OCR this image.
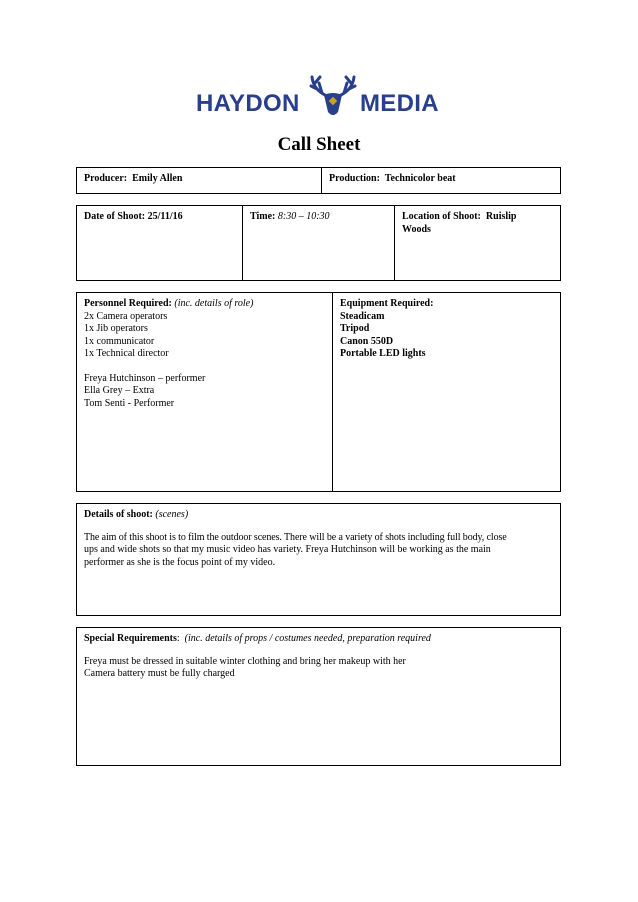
HAYDON	MEDIA
Call Sheet
Producer: Emily Allen	Production: Technicolor beat
Date of Shoot: 25/11/16	Time: 8:30 – 10:30	Location of Shoot: Ruislip
Woods
Personnel Required: (inc. details of role)
2x Camera operators
1x Jib operators
1x communicator
1x Technical director
Freya Hutchinson – performer
Ella Grey – Extra
Tom Senti - Performer
Equipment Required:
Steadicam
Tripod
Canon 550D
Portable LED lights
Details of shoot: (scenes)
The aim of this shoot is to film the outdoor scenes. There will be a variety of shots including full body, close
ups and wide shots so that my music video has variety. Freya Hutchinson will be working as the main
performer as she is the focus point of my video.
Special Requirements: (inc. details of props / costumes needed, preparation required
Freya must be dressed in suitable winter clothing and bring her makeup with her
Camera battery must be fully charged
